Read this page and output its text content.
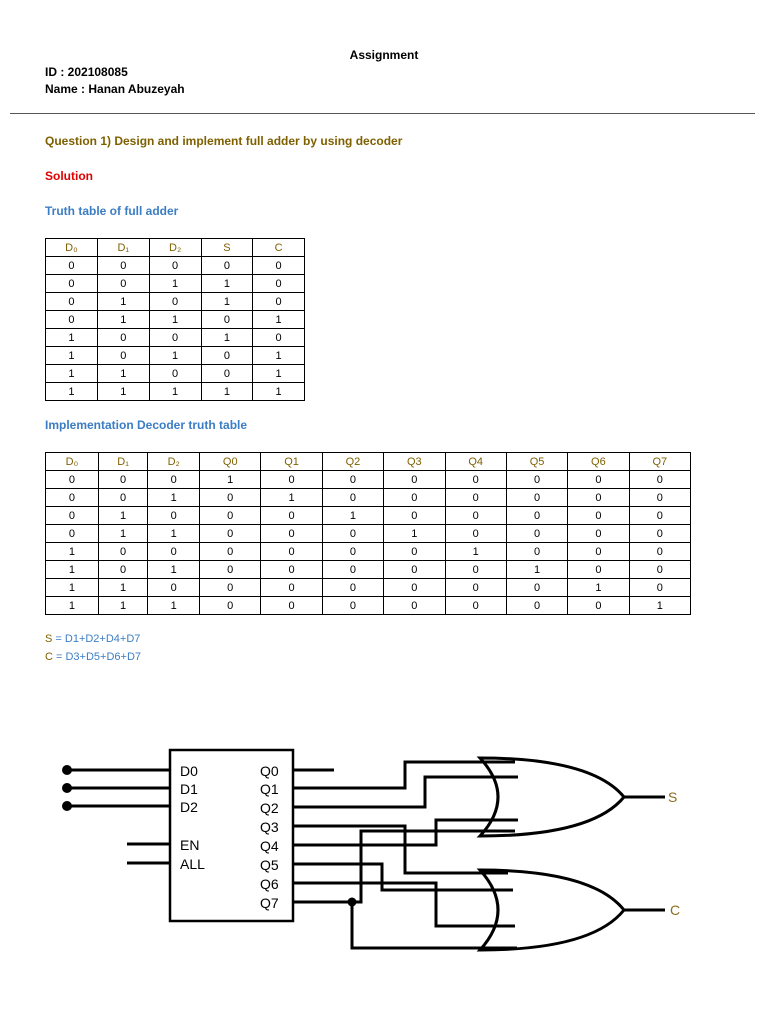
Assignment
ID : 202108085
Name : Hanan Abuzeyah
Question 1) Design and implement full adder by using decoder
Solution
Truth table of full adder
D₀	D₁	D₂	S	C
0	0	0	0	0
0	0	1	1	0
0	1	0	1	0
0	1	1	0	1
1	0	0	1	0
1	0	1	0	1
1	1	0	0	1
1	1	1	1	1
Implementation Decoder truth table
D₀	D₁	D₂	Q0	Q1	Q2	Q3	Q4	Q5	Q6	Q7
0	0	0	1	0	0	0	0	0	0	0
0	0	1	0	1	0	0	0	0	0	0
0	1	0	0	0	1	0	0	0	0	0
0	1	1	0	0	0	1	0	0	0	0
1	0	0	0	0	0	0	1	0	0	0
1	0	1	0	0	0	0	0	1	0	0
1	1	0	0	0	0	0	0	0	1	0
1	1	1	0	0	0	0	0	0	0	1
S = D1+D2+D4+D7
C = D3+D5+D6+D7
D0
D1
D2
EN
ALL
Q0
Q1
Q2
Q3
Q4
Q5
Q6
Q7
S
C
